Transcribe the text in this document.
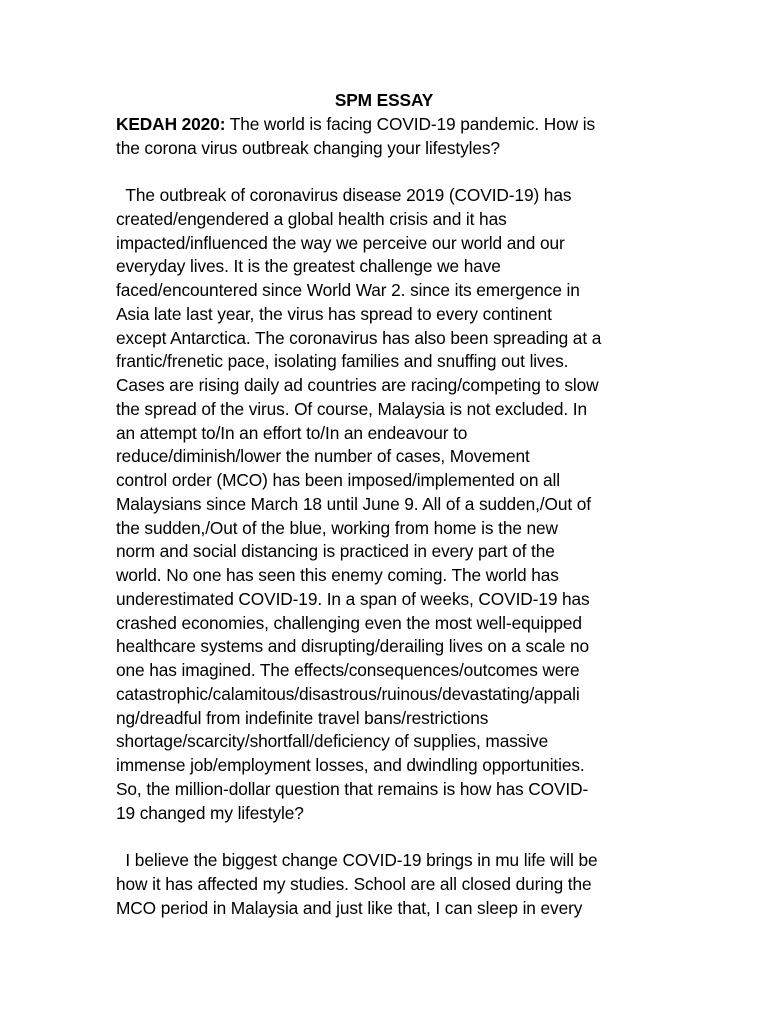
SPM ESSAY

KEDAH 2020: The world is facing COVID-19 pandemic. How is
the corona virus outbreak changing your lifestyles?

The outbreak of coronavirus disease 2019 (COVID-19) has
created/engendered a global health crisis and it has
impacted/influenced the way we perceive our world and our
everyday lives. It is the greatest challenge we have
faced/encountered since World War 2. since its emergence in
Asia late last year, the virus has spread to every continent
except Antarctica. The coronavirus has also been spreading at a
frantic/frenetic pace, isolating families and snuffing out lives.
Cases are rising daily ad countries are racing/competing to slow
the spread of the virus. Of course, Malaysia is not excluded. In
an attempt to/In an effort to/In an endeavour to
reduce/diminish/lower the number of cases, Movement
control order (MCO) has been imposed/implemented on all
Malaysians since March 18 until June 9. All of a sudden,/Out of
the sudden,/Out of the blue, working from home is the new
norm and social distancing is practiced in every part of the
world. No one has seen this enemy coming. The world has
underestimated COVID-19. In a span of weeks, COVID-19 has
crashed economies, challenging even the most well-equipped
healthcare systems and disrupting/derailing lives on a scale no
one has imagined. The effects/consequences/outcomes were
catastrophic/calamitous/disastrous/ruinous/devastating/appali
ng/dreadful from indefinite travel bans/restrictions
shortage/scarcity/shortfall/deficiency of supplies, massive
immense job/employment losses, and dwindling opportunities.
So, the million-dollar question that remains is how has COVID-
19 changed my lifestyle?

I believe the biggest change COVID-19 brings in mu life will be
how it has affected my studies. School are all closed during the
MCO period in Malaysia and just like that, I can sleep in every
